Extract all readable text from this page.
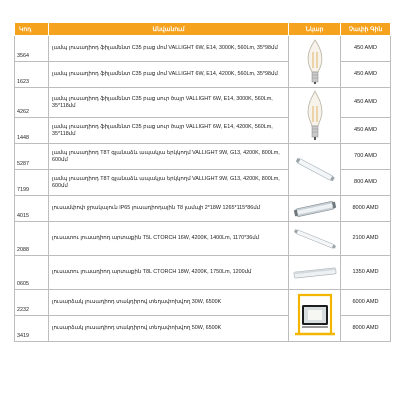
Կոդ	Անվանում	Նկար	Չափի Գին
3564	լամպ լուսադիոդ ֆիլամենտ C35 բաց մոմ VALLIGHT 6W, E14, 3000K, 560Lm, 35*98մմ		450 AMD
1623	լամպ լուսադիոդ ֆիլամենտ C35 բաց մոմ VALLIGHT 6W, E14, 4200K, 560Lm, 35*98մմ		450 AMD
4262	լամպ լուսադիոդ ֆիլամենտ C35 բաց սուր ծայր VALLIGHT 6W, E14, 3000K, 560Lm, 35*118մմ		450 AMD
1448	լամպ լուսադիոդ ֆիլամենտ C35 բաց սուր ծայր VALLIGHT 6W, E14, 4200K, 560Lm, 35*118մմ		450 AMD
5287	լամպ լուսադիոդ T8T գլանաձև ապակյա երկկողմ VALLIGHT 9W, G13, 4200K, 800Lm, 600մմ		700 AMD
7199	լամպ լուսադիոդ T8T գլանաձև ապակյա երկկողմ VALLIGHT 9W, G13, 4200K, 800Lm, 600մմ		800 AMD
4015	լուսամփոփ ջրակայուն IP65 լուսադիոդային T8 լամպի 2*18W 1265*115*86մմ		8000 AMD
2088	լուսատու լուսադիոդ արտաքին T5L CTORCH 16W, 4200K, 1400Lm, 1170*36մմ		2100 AMD
0605	լուսատու լուսադիոդ արտաքին T8L CTORCH 18W, 4200K, 1750Lm, 1200մմ		1350 AMD
2232	լուսարձակ լուսադիոդ տակդիրով տեղափոխվող 30W, 6500K		6000 AMD
3419	լուսարձակ լուսադիոդ տակդիրով տեղափոխվող 50W, 6500K		8000 AMD
